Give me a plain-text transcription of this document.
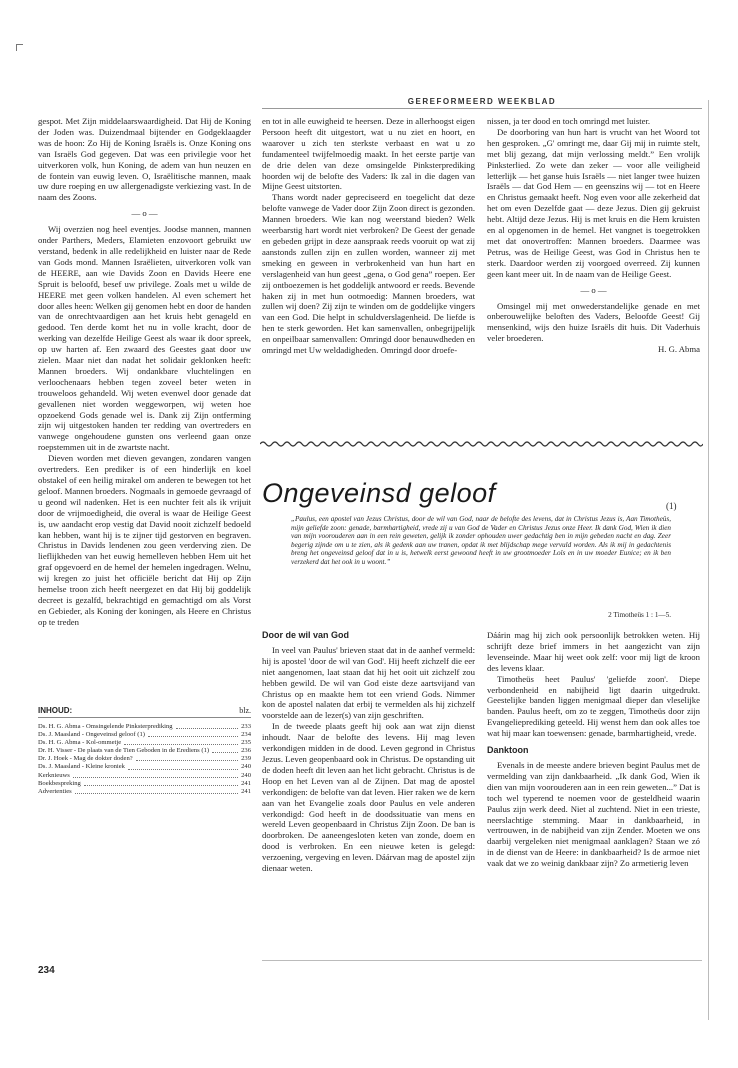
GEREFORMEERD WEEKBLAD

gespot. Met Zijn middelaarswaardigheid. Dat Hij de Koning der Joden was. Duizendmaal bijtender en Godgeklaagder was de hoon: Zo Hij de Koning Israëls is. Onze Koning ons van Israëls God gegeven. Dat was een privilegie voor het uitverkoren volk, hun Koning, de adem van hun neuzen en de fontein van euwig leven. O, Israëlitische mannen, maak uw dure roeping en uw allergenadigste verkiezing vast. In de naam des Zoons.

— o —

Wij overzien nog heel eventjes. Joodse mannen, mannen onder Parthers, Meders, Elamieten enzovoort gebruikt uw verstand, bedenk in alle redelijkheid en luister naar de Rede van Gods mond. Mannen Israëlieten, uitverkoren volk van de HEERE, aan wie Davids Zoon en Davids Heere ene Spruit is beloofd, besef uw privilege. Zoals met u wilde de HEERE met geen volken handelen. Al even schemert het door alles heen: Welken gij genomen hebt en door de handen van de onrechtvaardigen aan het kruis hebt genageld en gedood. Ten derde komt het nu in volle kracht, door de werking van dezelfde Heilige Geest als waar ik door spreek, op uw harten af. Een zwaard des Geestes gaat door uw zielen. Maar niet dan nadat het solidair geklonken heeft: Mannen broeders. Wij ondankbare vluchtelingen en verloochenaars hebben tegen zoveel beter weten in trouweloos gehandeld. Wij weten evenwel door genade dat gevallenen niet worden weggeworpen, wij weten hoe opzoekend Gods genade wel is. Dank zij Zijn ontferming zijn wij uitgestoken handen ter redding van overtreders en vanwege ongehoudene gunsten ons verleend gaan onze roepstemmen uit in de zwartste nacht.

Dieven worden met dieven gevangen, zondaren vangen overtreders. Een prediker is of een hinderlijk en koel obstakel of een heilig mirakel om anderen te bewegen tot het geloof. Mannen broeders. Nogmaals in gemoede gevraagd of u geond wil nadenken. Het is een nuchter feit als ik vrijuit door de vrijmoedigheid, die overal is waar de Heilige Geest is, uw aandacht erop vestig dat David nooit zichzelf bedoeld kan hebben, want hij is te zijner tijd gestorven en begraven. Christus in Davids lendenen zou geen verderving zien. De lieflijkheden van het euwig hemelleven hebben Hem uit het graf opgevoerd en de hemel der hemelen ingedragen. Welnu, wij kregen zo juist het officiële bericht dat Hij op Zijn hemelse troon zich heeft neergezet en dat Hij bij goddelijk decreet is gezalfd, bekrachtigd en gemachtigd om als Vorst en Gebieder, als Koning der koningen, als Heere en Christus op te treden

en tot in alle euwigheid te heersen. Deze in allerhoogst eigen Persoon heeft dit uitgestort, wat u nu ziet en hoort, en waarover u zich ten sterkste verbaast en wat u zo fundamenteel twijfelmoedig maakt. In het eerste partje van de drie delen van deze omsingelde Pinksterprediking hoorden wij de belofte des Vaders: Ik zal in die dagen van Mijne Geest uitstorten.

Thans wordt nader gepreciseerd en toegelicht dat deze belofte vanwege de Vader door Zijn Zoon direct is gezonden. Mannen broeders. Wie kan nog weerstand bieden? Welk weerbarstig hart wordt niet verbroken? De Geest der genade en gebeden grijpt in deze aanspraak reeds vooruit op wat zij aanstonds zullen zijn en zullen worden, wanneer zij met smeking en geween in verbrokenheid van hun hart en verslagenheid van hun geest „gena, o God gena” roepen. Eer zij ontboezemen is het goddelijk antwoord er reeds. Bevende haken zij in met hun ootmoedig: Mannen broeders, wat zullen wij doen? Zij zijn te winden om de goddelijke vingers van een God. Die helpt in schuldverslagenheid. De liefde is hen te sterk geworden. Het kan samenvallen, onbegrijpelijk en onpeilbaar samenvallen: Omringd door benauwdheden en omringd met Uw weldadigheden. Omringd door droefe-

nissen, ja ter dood en toch omringd met luister.

De doorboring van hun hart is vrucht van het Woord tot hen gesproken. „G' omringt me, daar Gij mij in ruimte stelt, met blij gezang, dat mijn verlossing meldt.” Een vrolijk Pinksterlied. Zo wete dan zeker — voor alle veiligheid letterlijk — het ganse huis Israëls — niet langer twee huizen Israëls — dat God Hem — en geenszins wij — tot en Heere en Christus gemaakt heeft. Nog even voor alle zekerheid dat het om even Dezelfde gaat — deze Jezus. Dien gij gekruist hebt. Altijd deze Jezus. Hij is met kruis en die Hem kruisten en al opgenomen in de hemel. Het vangnet is toegetrokken met dat onovertroffen: Mannen broeders. Daarmee was Petrus, was de Heilige Geest, was God in Christus hen te sterk. Daardoor werden zij voorgoed overreed. Zij kunnen geen kant meer uit. In de naam van de Heilige Geest.

— o —

Omsingel mij met onwederstandelijke genade en met onberouwelijke beloften des Vaders, Beloofde Geest! Gij mensenkind, wijs den huize Israëls dit huis. Dit Vaderhuis veler broederen.

H. G. Abma

Ongeveinsd geloof	(1)
„Paulus, een apostel van Jezus Christus, door de wil van God, naar de belofte des levens, dat in Christus Jezus is, Aan Timotheüs, mijn geliefde zoon: genade, barmhartigheid, vrede zij u van God de Vader en Christus Jezus onze Heer. Ik dank God, Wien ik dien van mijn voorouderen aan in een rein geweten, gelijk ik zonder ophouden uwer gedachtig ben in mijn gebeden nacht en dag. Zeer begerig zijnde om u te zien, als ik gedenk aan uw tranen, opdat ik met blijdschap mege vervuld worden. Als ik mij in gedachtenis breng het ongeveinsd geloof dat in u is, hetwelk eerst gewoond heeft in uw grootmoeder Loïs en in uw moeder Eunice; en ik ben verzekerd dat het ook in u woont.”
2 Timotheüs 1 : 1—5.
Door de wil van God

In veel van Paulus' brieven staat dat in de aanhef vermeld: hij is apostel 'door de wil van God'. Hij heeft zichzelf die eer niet aangenomen, laat staan dat hij het ooit uit zichzelf zou hebben gewild. De wil van God eiste deze aartsvijand van Christus op en maakte hem tot een vriend Gods. Nimmer kon de apostel nalaten dat erbij te vermelden als hij zichzelf voorstelde aan de lezer(s) van zijn geschriften.

In de tweede plaats geeft hij ook aan wat zijn dienst inhoudt. Naar de belofte des levens. Hij mag leven verkondigen midden in de dood. Leven gegrond in Christus Jezus. Leven geopenbaard ook in Christus. De opstanding uit de doden heeft dit leven aan het licht gebracht. Christus is de Hoop en het Leven van al de Zijnen. Dat mag de apostel verkondigen: de belofte van dat leven. Hier raken we de kern aan van het Evangelie zoals door Paulus en vele anderen verkondigd: God heeft in de doodssituatie van mens en wereld Leven geopenbaard in Christus Zijn Zoon. De ban is doorbroken. De aaneengesloten keten van zonde, doem en dood is verbroken. En een nieuwe keten is gelegd: verzoening, vergeving en leven. Dáárvan mag de apostel zijn dienaar weten.

Dáárin mag hij zich ook persoonlijk betrokken weten. Hij schrijft deze brief immers in het aangezicht van zijn levenseinde. Maar hij weet ook zelf: voor mij ligt de kroon des levens klaar.

Timotheüs heet Paulus' 'geliefde zoon'. Diepe verbondenheid en nabijheid ligt daarin uitgedrukt. Geestelijke banden liggen menigmaal dieper dan vleselijke banden. Paulus heeft, om zo te zeggen, Timotheüs door zijn Evangelieprediking geteeld. Hij wenst hem dan ook alles toe wat hij maar kan toewensen: genade, barmhartigheid, vrede.

Danktoon

Evenals in de meeste andere brieven begint Paulus met de vermelding van zijn dankbaarheid. „Ik dank God, Wien ik dien van mijn voorouderen aan in een rein geweten...” Dat is toch wel typerend te noemen voor de gesteldheid waarin Paulus zijn werk deed. Niet al zuchtend. Niet in een trieste, neerslachtige stemming. Maar in dankbaarheid, in vertrouwen, in de nabijheid van zijn Zender. Moeten we ons daarbij vergeleken niet menigmaal aanklagen? Staan we zó in de dienst van de Heere: in dankbaarheid? Is de armoe niet vaak dat we zo weinig dankbaar zijn? Zo armetierig leven

INHOUD:	blz.
Ds. H. G. Abma - Omsingelende Pinksterprediking	233
Ds. J. Maasland - Ongeveinsd geloof (1)	234
Ds. H. G. Abma - Kol-ommetje	235
Dr. H. Visser - De plaats van de Tien Geboden in de Erediens (1)	236
Dr. J. Hoek - Mag de dokter doden?	239
Ds. J. Maasland - Kleine kroniek	240
Kerknieuws	240
Boekbespreking	241
Advertenties	241
234
